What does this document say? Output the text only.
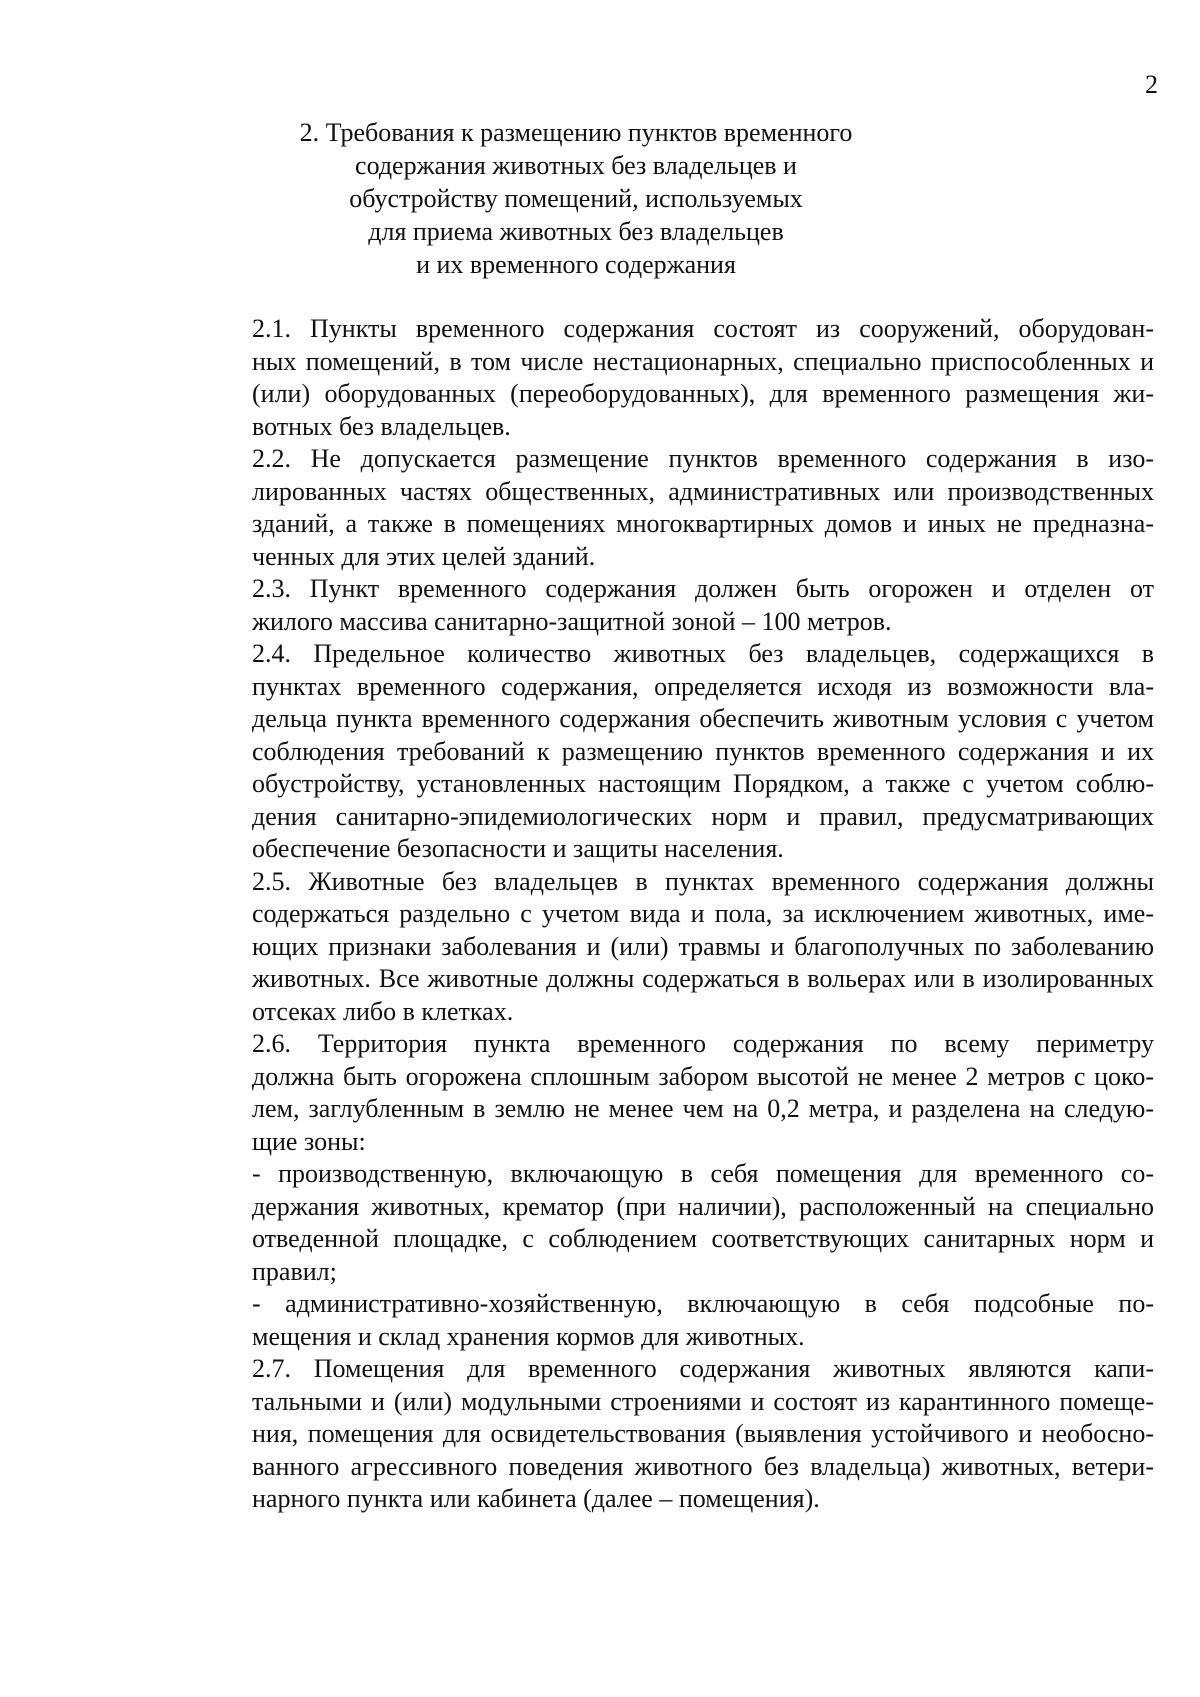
2
2. Требования к размещению пунктов временного
содержания животных без владельцев и
обустройству помещений, используемых
для приема животных без владельцев
и их временного содержания
2.1. Пункты временного содержания состоят из сооружений, оборудован-
ных помещений, в том числе нестационарных, специально приспособленных и
(или) оборудованных (переоборудованных), для временного размещения жи-
вотных без владельцев.
2.2. Не допускается размещение пунктов временного содержания в изо-
лированных частях общественных, административных или производственных
зданий, а также в помещениях многоквартирных домов и иных не предназна-
ченных для этих целей зданий.
2.3. Пункт временного содержания должен быть огорожен и отделен от
жилого массива санитарно-защитной зоной – 100 метров.
2.4. Предельное количество животных без владельцев, содержащихся в
пунктах временного содержания, определяется исходя из возможности вла-
дельца пункта временного содержания обеспечить животным условия с учетом
соблюдения требований к размещению пунктов временного содержания и их
обустройству, установленных настоящим Порядком, а также с учетом соблю-
дения санитарно-эпидемиологических норм и правил, предусматривающих
обеспечение безопасности и защиты населения.
2.5. Животные без владельцев в пунктах временного содержания должны
содержаться раздельно с учетом вида и пола, за исключением животных, име-
ющих признаки заболевания и (или) травмы и благополучных по заболеванию
животных. Все животные должны содержаться в вольерах или в изолированных
отсеках либо в клетках.
2.6. Территория пункта временного содержания по всему периметру
должна быть огорожена сплошным забором высотой не менее 2 метров с цоко-
лем, заглубленным в землю не менее чем на 0,2 метра, и разделена на следую-
щие зоны:
- производственную, включающую в себя помещения для временного со-
держания животных, крематор (при наличии), расположенный на специально
отведенной площадке, с соблюдением соответствующих санитарных норм и
правил;
- административно-хозяйственную, включающую в себя подсобные по-
мещения и склад хранения кормов для животных.
2.7. Помещения для временного содержания животных являются капи-
тальными и (или) модульными строениями и состоят из карантинного помеще-
ния, помещения для освидетельствования (выявления устойчивого и необосно-
ванного агрессивного поведения животного без владельца) животных, ветери-
нарного пункта или кабинета (далее – помещения).
